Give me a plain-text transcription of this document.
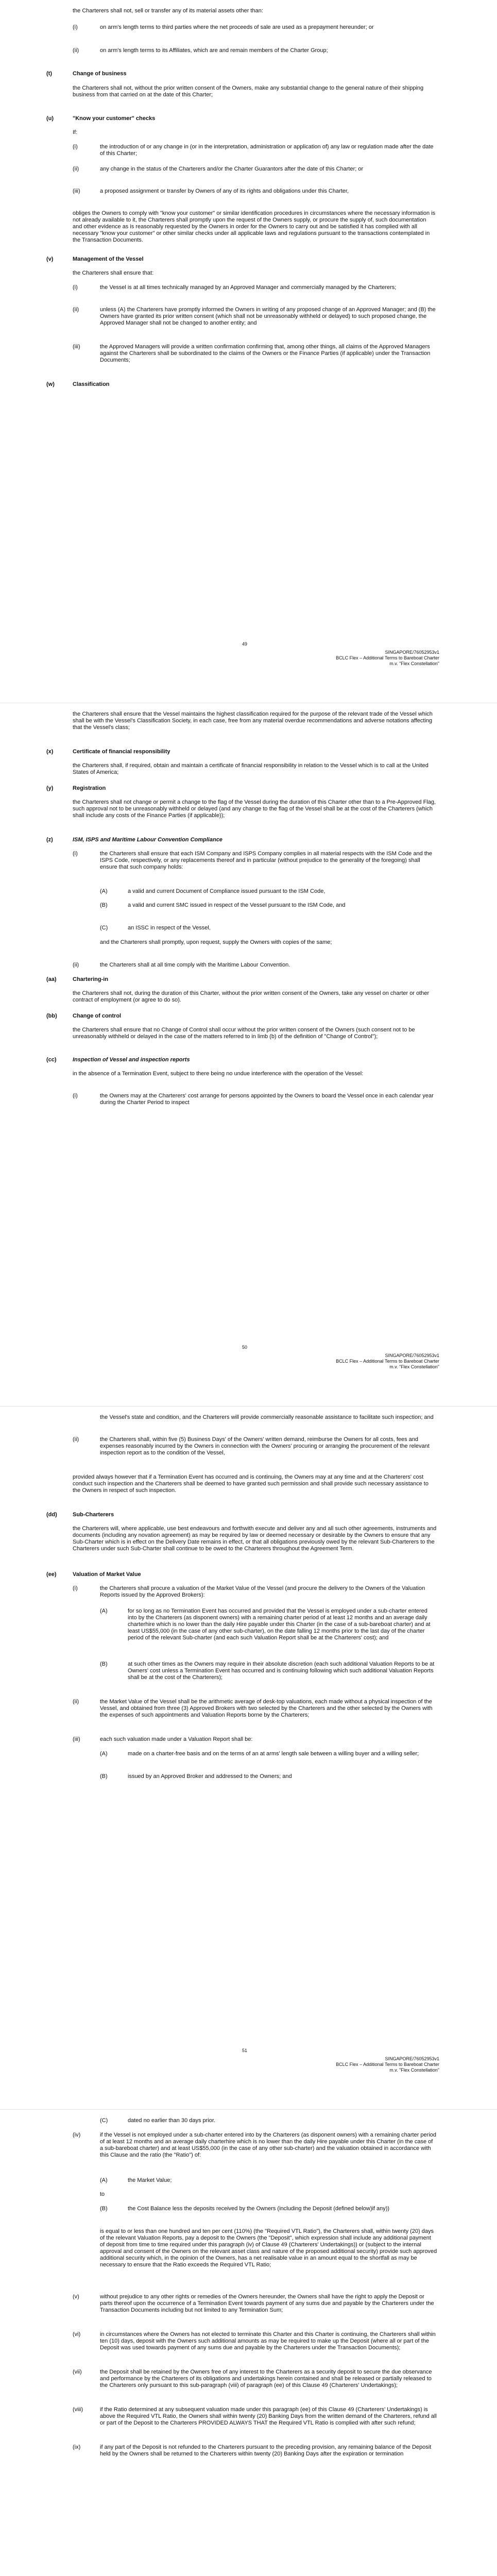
the Charterers shall not, sell or transfer any of its material assets other than:
(i)	on arm's length terms to third parties where the net proceeds of sale are used as a prepayment hereunder; or
(ii)	on arm's length terms to its Affiliates, which are and remain members of the Charter Group;
(t)	Change of business
the Charterers shall not, without the prior written consent of the Owners, make any substantial change to the general nature of their shipping business from that carried on at the date of this Charter;
(u)	"Know your customer" checks
If:
(i)	the introduction of or any change in (or in the interpretation, administration or application of) any law or regulation made after the date of this Charter;
(ii)	any change in the status of the Charterers and/or the Charter Guarantors after the date of this Charter; or
(iii)	a proposed assignment or transfer by Owners of any of its rights and obligations under this Charter,
obliges the Owners to comply with "know your customer" or similar identification procedures in circumstances where the necessary information is not already available to it, the Charterers shall promptly upon the request of the Owners supply, or procure the supply of, such documentation and other evidence as is reasonably requested by the Owners in order for the Owners to carry out and be satisfied it has complied with all necessary "know your customer" or other similar checks under all applicable laws and regulations pursuant to the transactions contemplated in the Transaction Documents.
(v)	Management of the Vessel
the Charterers shall ensure that:
(i)	the Vessel is at all times technically managed by an Approved Manager and commercially managed by the Charterers;
(ii)	unless (A) the Charterers have promptly informed the Owners in writing of any proposed change of an Approved Manager; and (B) the Owners have granted its prior written consent (which shall not be unreasonably withheld or delayed) to such proposed change, the Approved Manager shall not be changed to another entity; and
(iii)	the Approved Managers will provide a written confirmation confirming that, among other things, all claims of the Approved Managers against the Charterers shall be subordinated to the claims of the Owners or the Finance Parties (if applicable) under the Transaction Documents;
(w)	Classification
49
SINGAPORE/76052953v1
BCLC Flex – Additional Terms to Bareboat Charter
m.v. "Flex Constellation"
the Charterers shall ensure that the Vessel maintains the highest classification required for the purpose of the relevant trade of the Vessel which shall be with the Vessel's Classification Society, in each case, free from any material overdue recommendations and adverse notations affecting that the Vessel's class;
(x)	Certificate of financial responsibility
the Charterers shall, if required, obtain and maintain a certificate of financial responsibility in relation to the Vessel which is to call at the United States of America;
(y)	Registration
the Charterers shall not change or permit a change to the flag of the Vessel during the duration of this Charter other than to a Pre-Approved Flag, such approval not to be unreasonably withheld or delayed (and any change to the flag of the Vessel shall be at the cost of the Charterers (which shall include any costs of the Finance Parties (if applicable));
(z)	ISM, ISPS and Maritime Labour Convention Compliance
(i)	the Charterers shall ensure that each ISM Company and ISPS Company complies in all material respects with the ISM Code and the ISPS Code, respectively, or any replacements thereof and in particular (without prejudice to the generality of the foregoing) shall ensure that such company holds:
(A)	a valid and current Document of Compliance issued pursuant to the ISM Code,
(B)	a valid and current SMC issued in respect of the Vessel pursuant to the ISM Code, and
(C)	an ISSC in respect of the Vessel,
and the Charterers shall promptly, upon request, supply the Owners with copies of the same;
(ii)	the Charterers shall at all time comply with the Maritime Labour Convention.
(aa)	Chartering-in
the Charterers shall not, during the duration of this Charter, without the prior written consent of the Owners, take any vessel on charter or other contract of employment (or agree to do so).
(bb)	Change of control
the Charterers shall ensure that no Change of Control shall occur without the prior written consent of the Owners (such consent not to be unreasonably withheld or delayed in the case of the matters referred to in limb (b) of the definition of "Change of Control");
(cc)	Inspection of Vessel and inspection reports
in the absence of a Termination Event, subject to there being no undue interference with the operation of the Vessel:
(i)	the Owners may at the Charterers' cost arrange for persons appointed by the Owners to board the Vessel once in each calendar year during the Charter Period to inspect
50
SINGAPORE/76052953v1
BCLC Flex – Additional Terms to Bareboat Charter
m.v. "Flex Constellation"
the Vessel's state and condition, and the Charterers will provide commercially reasonable assistance to facilitate such inspection; and
(ii)	the Charterers shall, within five (5) Business Days' of the Owners' written demand, reimburse the Owners for all costs, fees and expenses reasonably incurred by the Owners in connection with the Owners' procuring or arranging the procurement of the relevant inspection report as to the condition of the Vessel,
provided always however that if a Termination Event has occurred and is continuing, the Owners may at any time and at the Charterers' cost conduct such inspection and the Charterers shall be deemed to have granted such permission and shall provide such necessary assistance to the Owners in respect of such inspection.
(dd)	Sub-Charterers
the Charterers will, where applicable, use best endeavours and forthwith execute and deliver any and all such other agreements, instruments and documents (including any novation agreement) as may be required by law or deemed necessary or desirable by the Owners to ensure that any Sub-Charter which is in effect on the Delivery Date remains in effect, or that all obligations previously owed by the relevant Sub-Charterers to the Charterers under such Sub-Charter shall continue to be owed to the Charterers throughout the Agreement Term.
(ee)	Valuation of Market Value
(i)	the Charterers shall procure a valuation of the Market Value of the Vessel (and procure the delivery to the Owners of the Valuation Reports issued by the Approved Brokers):
(A)	for so long as no Termination Event has occurred and provided that the Vessel is employed under a sub-charter entered into by the Charterers (as disponent owners) with a remaining charter period of at least 12 months and an average daily charterhire which is no lower than the daily Hire payable under this Charter (in the case of a sub-bareboat charter) and at least US$55,000 (in the case of any other sub-charter), on the date falling 12 months prior to the last day of the charter period of the relevant Sub-charter (and each such Valuation Report shall be at the Charterers' cost); and
(B)	at such other times as the Owners may require in their absolute discretion (each such additional Valuation Reports to be at Owners' cost unless a Termination Event has occurred and is continuing following which such additional Valuation Reports shall be at the cost of the Charterers);
(ii)	the Market Value of the Vessel shall be the arithmetic average of desk-top valuations, each made without a physical inspection of the Vessel, and obtained from three (3) Approved Brokers with two selected by the Charterers and the other selected by the Owners with the expenses of such appointments and Valuation Reports borne by the Charterers;
(iii)	each such valuation made under a Valuation Report shall be:
(A)	made on a charter-free basis and on the terms of an at arms' length sale between a willing buyer and a willing seller;
(B)	issued by an Approved Broker and addressed to the Owners; and
51
SINGAPORE/76052953v1
BCLC Flex – Additional Terms to Bareboat Charter
m.v. "Flex Constellation"
(C)	dated no earlier than 30 days prior.
(iv)	if the Vessel is not employed under a sub-charter entered into by the Charterers (as disponent owners) with a remaining charter period of at least 12 months and an average daily charterhire which is no lower than the daily Hire payable under this Charter (in the case of a sub-bareboat charter) and at least US$55,000 (in the case of any other sub-charter) and the valuation obtained in accordance with this Clause and the ratio (the "Ratio") of:
(A)	the Market Value;
to
(B)	the Cost Balance less the deposits received by the Owners (including the Deposit (defined below)if any))
is equal to or less than one hundred and ten per cent (110%) (the "Required VTL Ratio"), the Charterers shall, within twenty (20) days of the relevant Valuation Reports, pay a deposit to the Owners (the "Deposit", which expression shall include any additional payment of deposit from time to time required under this paragraph (iv) of Clause 49 (Charterers' Undertakings)) or (subject to the internal approval and consent of the Owners on the relevant asset class and nature of the proposed additional security) provide such approved additional security which, in the opinion of the Owners, has a net realisable value in an amount equal to the shortfall as may be necessary to ensure that the Ratio exceeds the Required VTL Ratio;
(v)	without prejudice to any other rights or remedies of the Owners hereunder, the Owners shall have the right to apply the Deposit or parts thereof upon the occurrence of a Termination Event towards payment of any sums due and payable by the Charterers under the Transaction Documents including but not limited to any Termination Sum;
(vi)	in circumstances where the Owners has not elected to terminate this Charter and this Charter is continuing, the Charterers shall within ten (10) days, deposit with the Owners such additional amounts as may be required to make up the Deposit (where all or part of the Deposit was used towards payment of any sums due and payable by the Charterers under the Transaction Documents);
(vii)	the Deposit shall be retained by the Owners free of any interest to the Charterers as a security deposit to secure the due observance and performance by the Charterers of its obligations and undertakings herein contained and shall be released or partially released to the Charterers only pursuant to this sub-paragraph (viii) of paragraph (ee) of this Clause 49 (Charterers' Undertakings);
(viii)	if the Ratio determined at any subsequent valuation made under this paragraph (ee) of this Clause 49 (Charterers' Undertakings) is above the Required VTL Ratio, the Owners shall within twenty (20) Banking Days from the written demand of the Charterers, refund all or part of the Deposit to the Charterers PROVIDED ALWAYS THAT the Required VTL Ratio is complied with after such refund;
(ix)	if any part of the Deposit is not refunded to the Charterers pursuant to the preceding provision, any remaining balance of the Deposit held by the Owners shall be returned to the Charterers within twenty (20) Banking Days after the expiration or termination
